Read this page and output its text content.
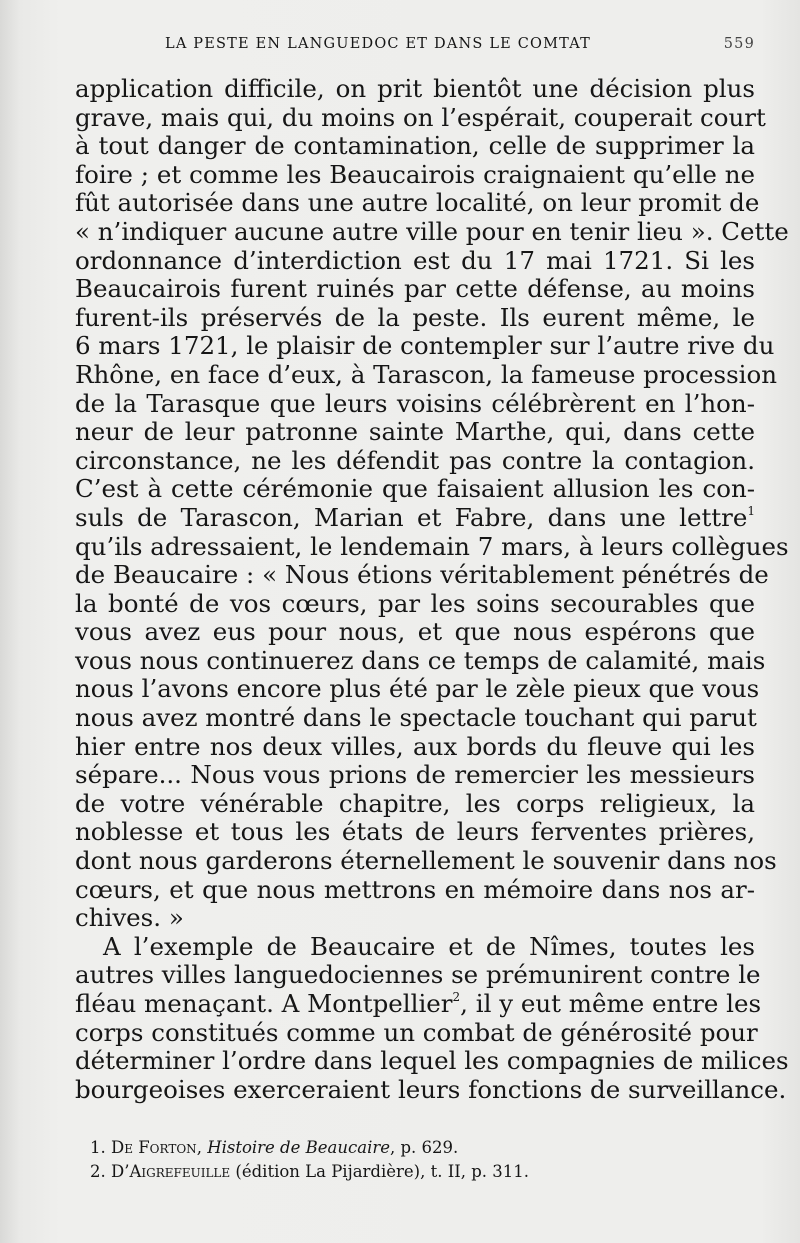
LA PESTE EN LANGUEDOC ET DANS LE COMTAT	559

application difficile, on prit bientôt une décision plus
grave, mais qui, du moins on l’espérait, couperait court
à tout danger de contamination, celle de supprimer la
foire ; et comme les Beaucairois craignaient qu’elle ne
fût autorisée dans une autre localité, on leur promit de
« n’indiquer aucune autre ville pour en tenir lieu ». Cette
ordonnance d’interdiction est du 17 mai 1721. Si les
Beaucairois furent ruinés par cette défense, au moins
furent-ils préservés de la peste. Ils eurent même, le
6 mars 1721, le plaisir de contempler sur l’autre rive du
Rhône, en face d’eux, à Tarascon, la fameuse procession
de la Tarasque que leurs voisins célébrèrent en l’hon-
neur de leur patronne sainte Marthe, qui, dans cette
circonstance, ne les défendit pas contre la contagion.
C’est à cette cérémonie que faisaient allusion les con-
suls de Tarascon, Marian et Fabre, dans une lettre$^1$
qu’ils adressaient, le lendemain 7 mars, à leurs collègues
de Beaucaire : « Nous étions véritablement pénétrés de
la bonté de vos cœurs, par les soins secourables que
vous avez eus pour nous, et que nous espérons que
vous nous continuerez dans ce temps de calamité, mais
nous l’avons encore plus été par le zèle pieux que vous
nous avez montré dans le spectacle touchant qui parut
hier entre nos deux villes, aux bords du fleuve qui les
sépare... Nous vous prions de remercier les messieurs
de votre vénérable chapitre, les corps religieux, la
noblesse et tous les états de leurs ferventes prières,
dont nous garderons éternellement le souvenir dans nos
cœurs, et que nous mettrons en mémoire dans nos ar-
chives. »

A l’exemple de Beaucaire et de Nîmes, toutes les
autres villes languedociennes se prémunirent contre le
fléau menaçant. A Montpellier$^2$, il y eut même entre les
corps constitués comme un combat de générosité pour
déterminer l’ordre dans lequel les compagnies de milices
bourgeoises exerceraient leurs fonctions de surveillance.

1. De Forton, Histoire de Beaucaire, p. 629.
2. D’Aigrefeuille (édition La Pijardière), t. II, p. 311.
